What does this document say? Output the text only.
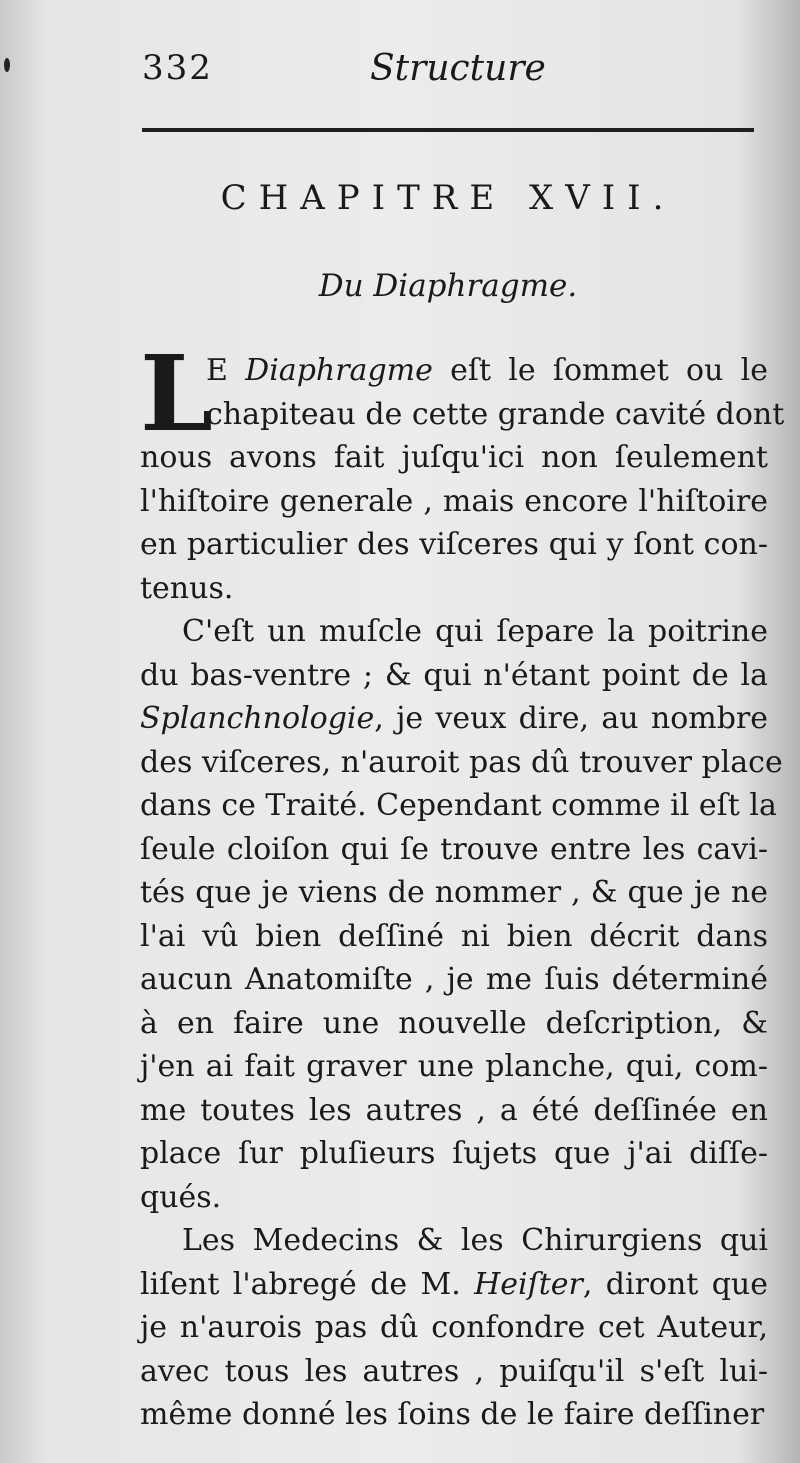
332	Structure
CHAPITRE XVII.
Du Diaphragme.
L
E Diaphragme eſt le ſommet ou le
chapiteau de cette grande cavité dont
nous avons fait juſqu'ici non ſeulement
l'hiſtoire generale , mais encore l'hiſtoire
en particulier des viſceres qui y ſont con-
tenus.
C'eſt un muſcle qui ſepare la poitrine
du bas-ventre ; & qui n'étant point de la
Splanchnologie, je veux dire, au nombre
des viſceres, n'auroit pas dû trouver place
dans ce Traité. Cependant comme il eſt la
ſeule cloiſon qui ſe trouve entre les cavi-
tés que je viens de nommer , & que je ne
l'ai vû bien deſſiné ni bien décrit dans
aucun Anatomiſte , je me ſuis déterminé
à en faire une nouvelle deſcription, &
j'en ai fait graver une planche, qui, com-
me toutes les autres , a été deſſinée en
place ſur pluſieurs ſujets que j'ai diſſe-
qués.
Les Medecins & les Chirurgiens qui
liſent l'abregé de M. Heiſter, diront que
je n'aurois pas dû confondre cet Auteur,
avec tous les autres , puiſqu'il s'eſt lui-
même donné les ſoins de le faire deſſiner
